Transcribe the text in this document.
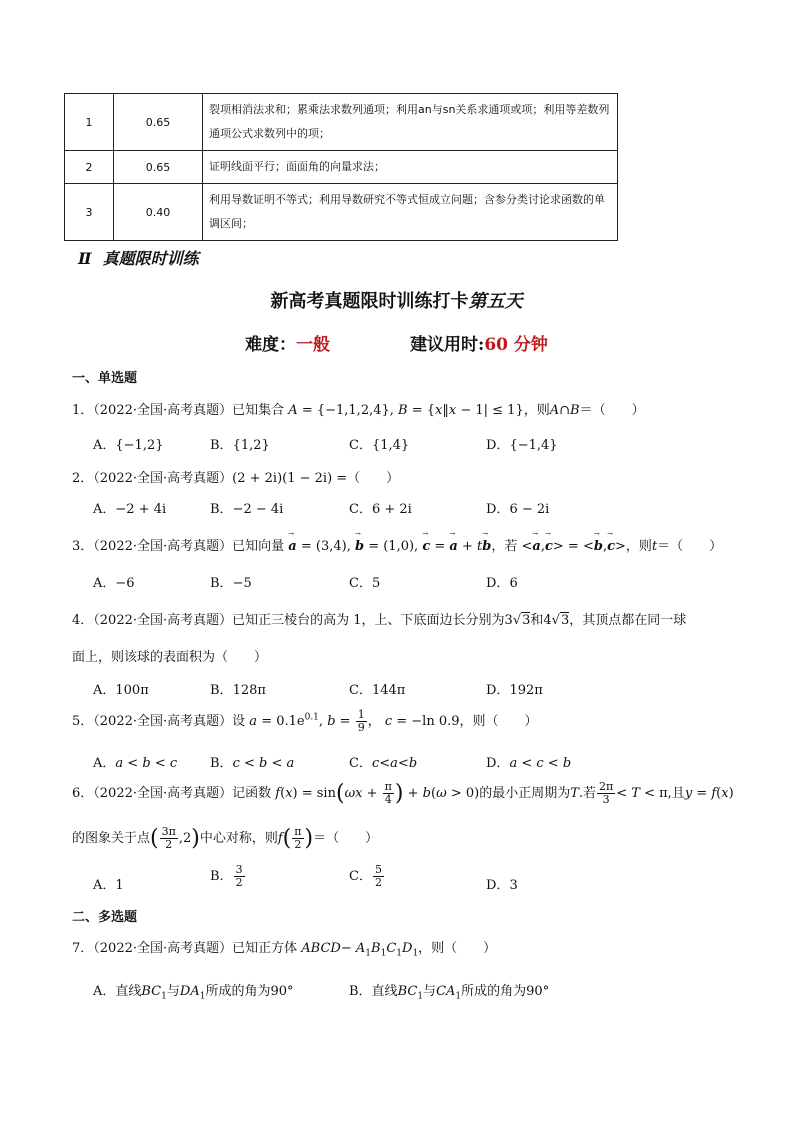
1	0.65	裂项相消法求和；累乘法求数列通项；利用an与sn关系求通项或项；利用等差数列通项公式求数列中的项；
2	0.65	证明线面平行；面面角的向量求法；
3	0.40	利用导数证明不等式；利用导数研究不等式恒成立问题；含参分类讨论求函数的单调区间；
Ⅱ 真题限时训练
新高考真题限时训练打卡第五天
难度：一般	建议用时:60 分钟
一、单选题
1．（2022·全国·高考真题）已知集合 A = {−1,1,2,4}, B = {x‖x − 1| ≤ 1}，则A∩B＝（　　）
A．{−1,2}	B．{1,2}	C．{1,4}	D．{−1,4}
2．（2022·全国·高考真题）(2 + 2i)(1 − 2i) =（　　）
A．−2 + 4i	B．−2 − 4i	C．6 + 2i	D．6 − 2i
3．（2022·全国·高考真题）已知向量 → a = (3,4), → b = (1,0), → c = → a + t→ b，若 <→ a,→ c> = <→ b,→ c>，则t＝（　　）
A．−6	B．−5	C．5	D．6
4．（2022·全国·高考真题）已知正三棱台的高为 1，上、下底面边长分别为3√3和4√3，其顶点都在同一球
面上，则该球的表面积为（　　）
A．100π	B．128π	C．144π	D．192π
5．（2022·全国·高考真题）设 $a = 0.1e^{0.1}$, $b = \frac{1}{9}$ ， c = −ln 0.9，则（　　）
A．a < b < c	B．c < b < a	C．c<a<b	D．a < c < b
6．（2022·全国·高考真题）记函数 $f(x) = \sin(\omega x + \frac{\pi}{4}$ ) + b(ω > 0)的最小正周期为T.若 $\frac{2\pi}{3} < T < \pi$,且y = f(x)
的图象关于点( $\frac{3\pi}{2} ,2$)中心对称，则$f( \frac{\pi}{2}$ )＝（　　）
A．1
B． $\frac{3}{2}$	C． $\frac{5}{2}$	D．3
二、多选题
7．（2022·全国·高考真题）已知正方体 ABCD− $A_1B_1C_1D_1$，则（　　）
A．直线$BC_1$与$DA_1$所成的角为90°	B．直线$BC_1$与$CA_1$所成的角为90°
